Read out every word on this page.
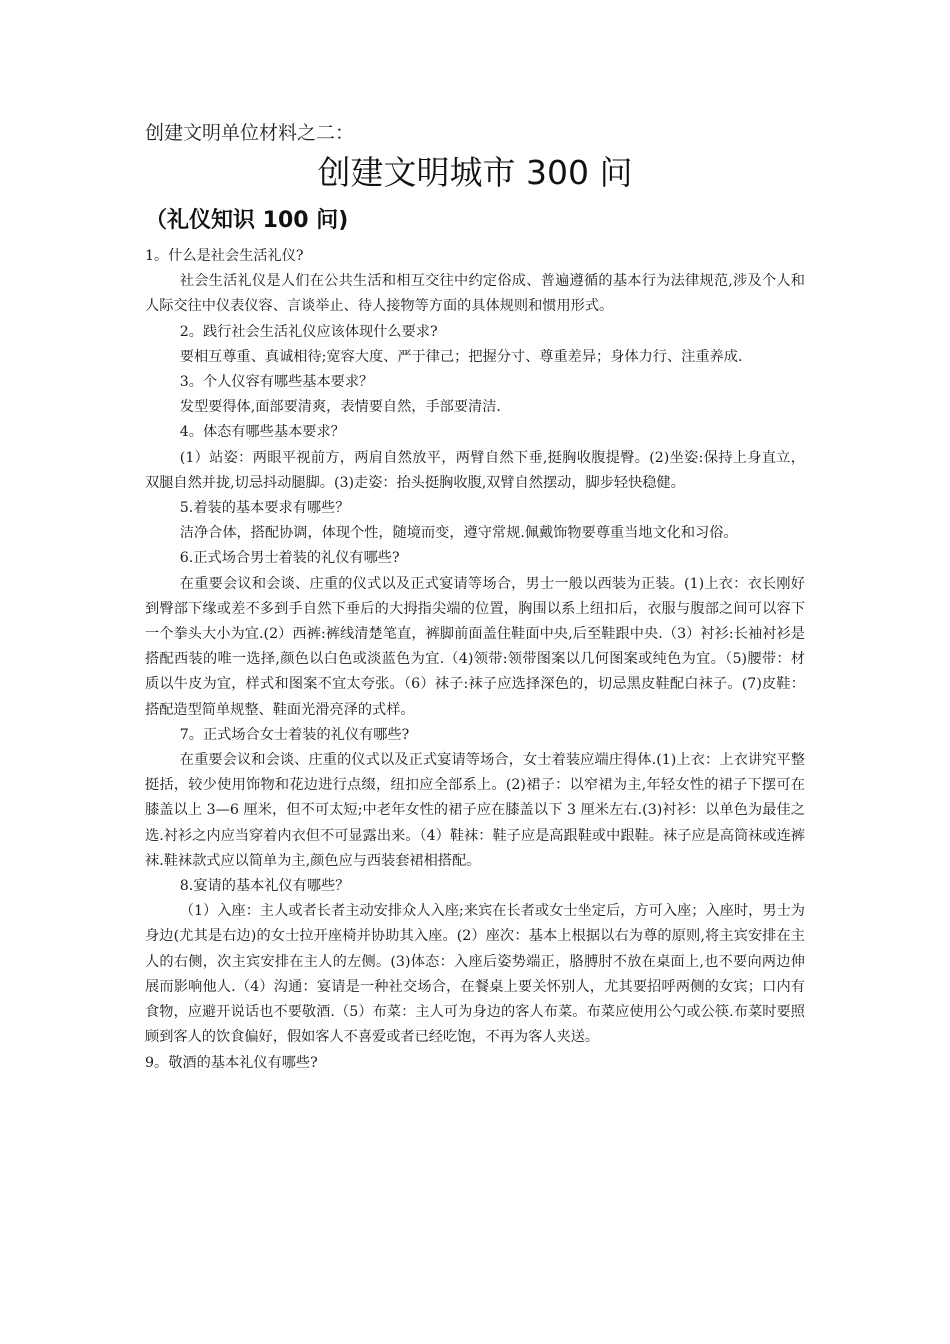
创建文明单位材料之二：
创建文明城市 300 问
（礼仪知识 100 问)

1。什么是社会生活礼仪?

社会生活礼仪是人们在公共生活和相互交往中约定俗成、普遍遵循的基本行为法律规范,涉及个人和人际交往中仪表仪容、言谈举止、待人接物等方面的具体规则和惯用形式。

2。践行社会生活礼仪应该体现什么要求?

要相互尊重、真诚相待;宽容大度、严于律己；把握分寸、尊重差异；身体力行、注重养成.

3。个人仪容有哪些基本要求？

发型要得体,面部要清爽，表情要自然，手部要清洁.

4。体态有哪些基本要求？

(1）站姿：两眼平视前方，两肩自然放平，两臂自然下垂,挺胸收腹提臀。(2)坐姿:保持上身直立，双腿自然并拢,切忌抖动腿脚。(3)走姿：抬头挺胸收腹,双臂自然摆动，脚步轻快稳健。

5.着装的基本要求有哪些？

洁净合体，搭配协调，体现个性，随境而变，遵守常规.佩戴饰物要尊重当地文化和习俗。

6.正式场合男士着装的礼仪有哪些?

在重要会议和会谈、庄重的仪式以及正式宴请等场合，男士一般以西装为正装。(1)上衣：衣长刚好到臀部下缘或差不多到手自然下垂后的大拇指尖端的位置，胸围以系上纽扣后，衣服与腹部之间可以容下一个拳头大小为宜.(2）西裤:裤线清楚笔直，裤脚前面盖住鞋面中央,后至鞋跟中央.（3）衬衫:长袖衬衫是搭配西装的唯一选择,颜色以白色或淡蓝色为宜.（4)领带:领带图案以几何图案或纯色为宜。（5)腰带：材质以牛皮为宜，样式和图案不宜太夸张。（6）袜子:袜子应选择深色的，切忌黑皮鞋配白袜子。(7)皮鞋：搭配造型简单规整、鞋面光滑亮泽的式样。

7。正式场合女士着装的礼仪有哪些?

在重要会议和会谈、庄重的仪式以及正式宴请等场合，女士着装应端庄得体.(1)上衣：上衣讲究平整挺括，较少使用饰物和花边进行点缀，纽扣应全部系上。(2)裙子：以窄裙为主,年轻女性的裙子下摆可在膝盖以上 3—6 厘米，但不可太短;中老年女性的裙子应在膝盖以下 3 厘米左右.(3)衬衫：以单色为最佳之选.衬衫之内应当穿着内衣但不可显露出来。（4）鞋袜：鞋子应是高跟鞋或中跟鞋。袜子应是高筒袜或连裤袜.鞋袜款式应以简单为主,颜色应与西装套裙相搭配。

8.宴请的基本礼仪有哪些？

（1）入座：主人或者长者主动安排众人入座;来宾在长者或女士坐定后，方可入座；入座时，男士为身边(尤其是右边)的女士拉开座椅并协助其入座。(2）座次：基本上根据以右为尊的原则,将主宾安排在主人的右侧，次主宾安排在主人的左侧。(3)体态：入座后姿势端正，胳膊肘不放在桌面上,也不要向两边伸展而影响他人.（4）沟通：宴请是一种社交场合，在餐桌上要关怀别人，尤其要招呼两侧的女宾；口内有食物，应避开说话也不要敬酒.（5）布菜：主人可为身边的客人布菜。布菜应使用公勺或公筷.布菜时要照顾到客人的饮食偏好，假如客人不喜爱或者已经吃饱，不再为客人夹送。

9。敬酒的基本礼仪有哪些?
